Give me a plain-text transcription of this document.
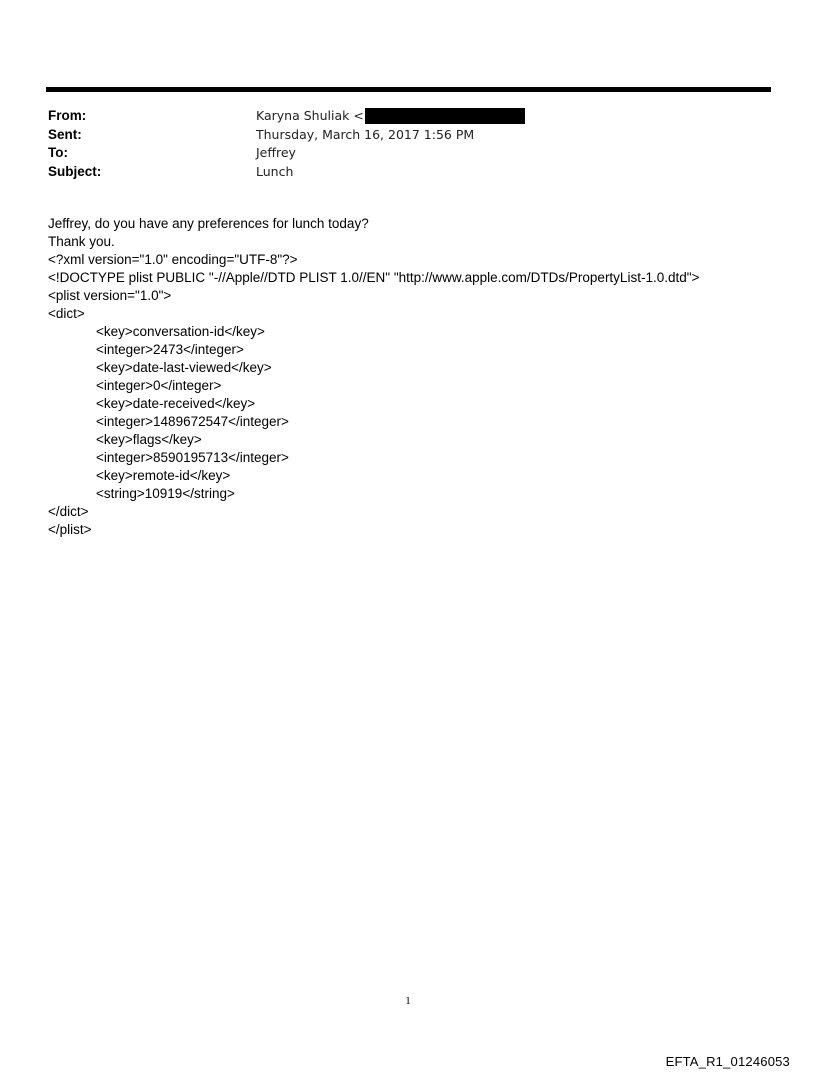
From:	Karyna Shuliak <
Sent:	Thursday, March 16, 2017 1:56 PM
To:	Jeffrey
Subject:	Lunch
Jeffrey, do you have any preferences for lunch today?
Thank you.
<?xml version="1.0" encoding="UTF-8"?>
<!DOCTYPE plist PUBLIC "-//Apple//DTD PLIST 1.0//EN" "http://www.apple.com/DTDs/PropertyList-1.0.dtd">
<plist version="1.0">
<dict>
<key>conversation-id</key>
<integer>2473</integer>
<key>date-last-viewed</key>
<integer>0</integer>
<key>date-received</key>
<integer>1489672547</integer>
<key>flags</key>
<integer>8590195713</integer>
<key>remote-id</key>
<string>10919</string>
</dict>
</plist>
1
EFTA_R1_01246053
